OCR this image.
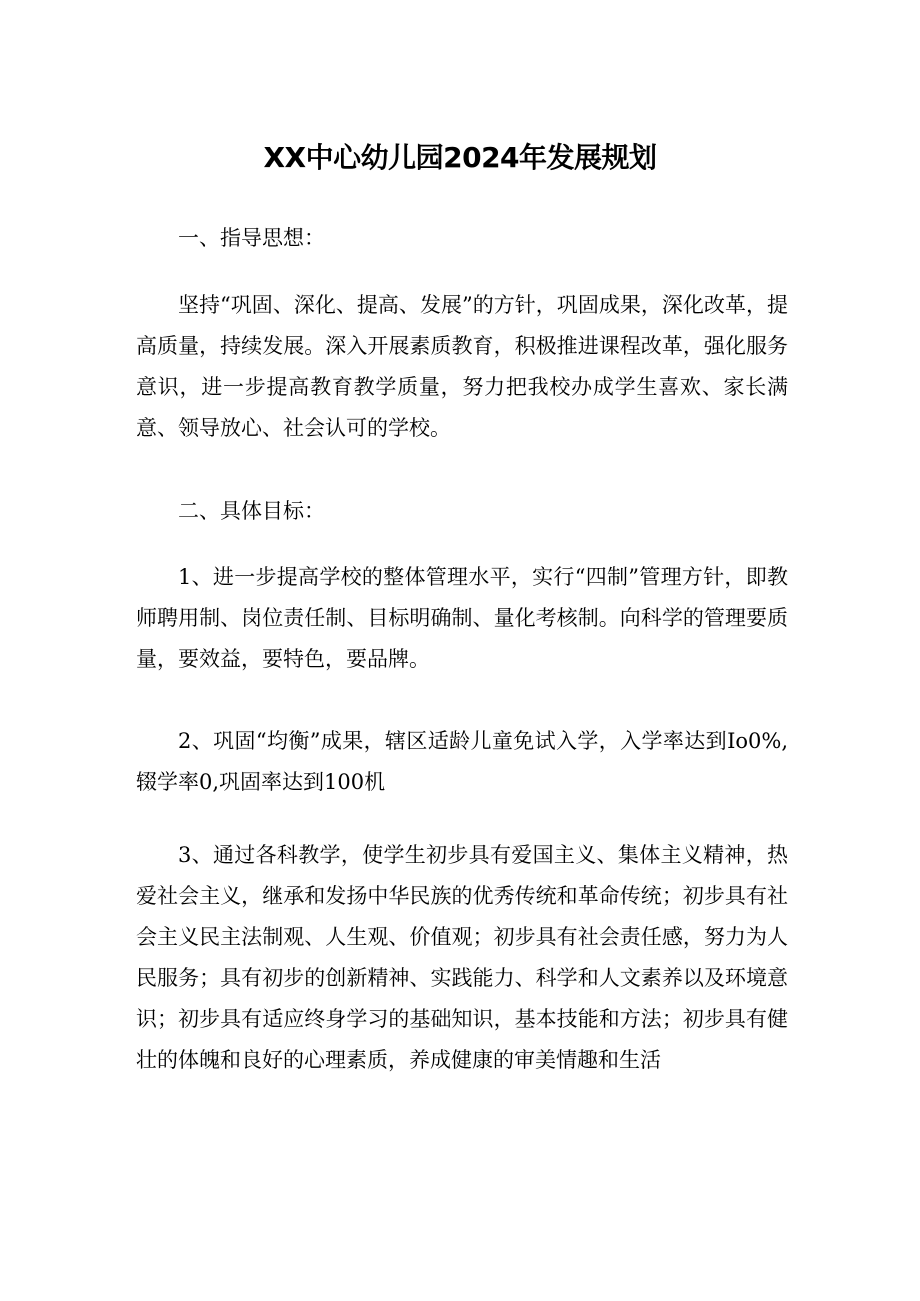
XX中心幼儿园2024年发展规划

一、指导思想：

坚持“巩固、深化、提高、发展”的方针，巩固成果，深化改革，提高质量，持续发展。深入开展素质教育，积极推进课程改革，强化服务意识，进一步提高教育教学质量，努力把我校办成学生喜欢、家长满意、领导放心、社会认可的学校。

二、具体目标：

1、进一步提高学校的整体管理水平，实行“四制”管理方针，即教师聘用制、岗位责任制、目标明确制、量化考核制。向科学的管理要质量，要效益，要特色，要品牌。

2、巩固“均衡”成果，辖区适龄儿童免试入学，入学率达到Io0%,辍学率0,巩固率达到100机

3、通过各科教学，使学生初步具有爱国主义、集体主义精神，热爱社会主义，继承和发扬中华民族的优秀传统和革命传统；初步具有社会主义民主法制观、人生观、价值观；初步具有社会责任感，努力为人民服务；具有初步的创新精神、实践能力、科学和人文素养以及环境意识；初步具有适应终身学习的基础知识，基本技能和方法；初步具有健壮的体魄和良好的心理素质，养成健康的审美情趣和生活
